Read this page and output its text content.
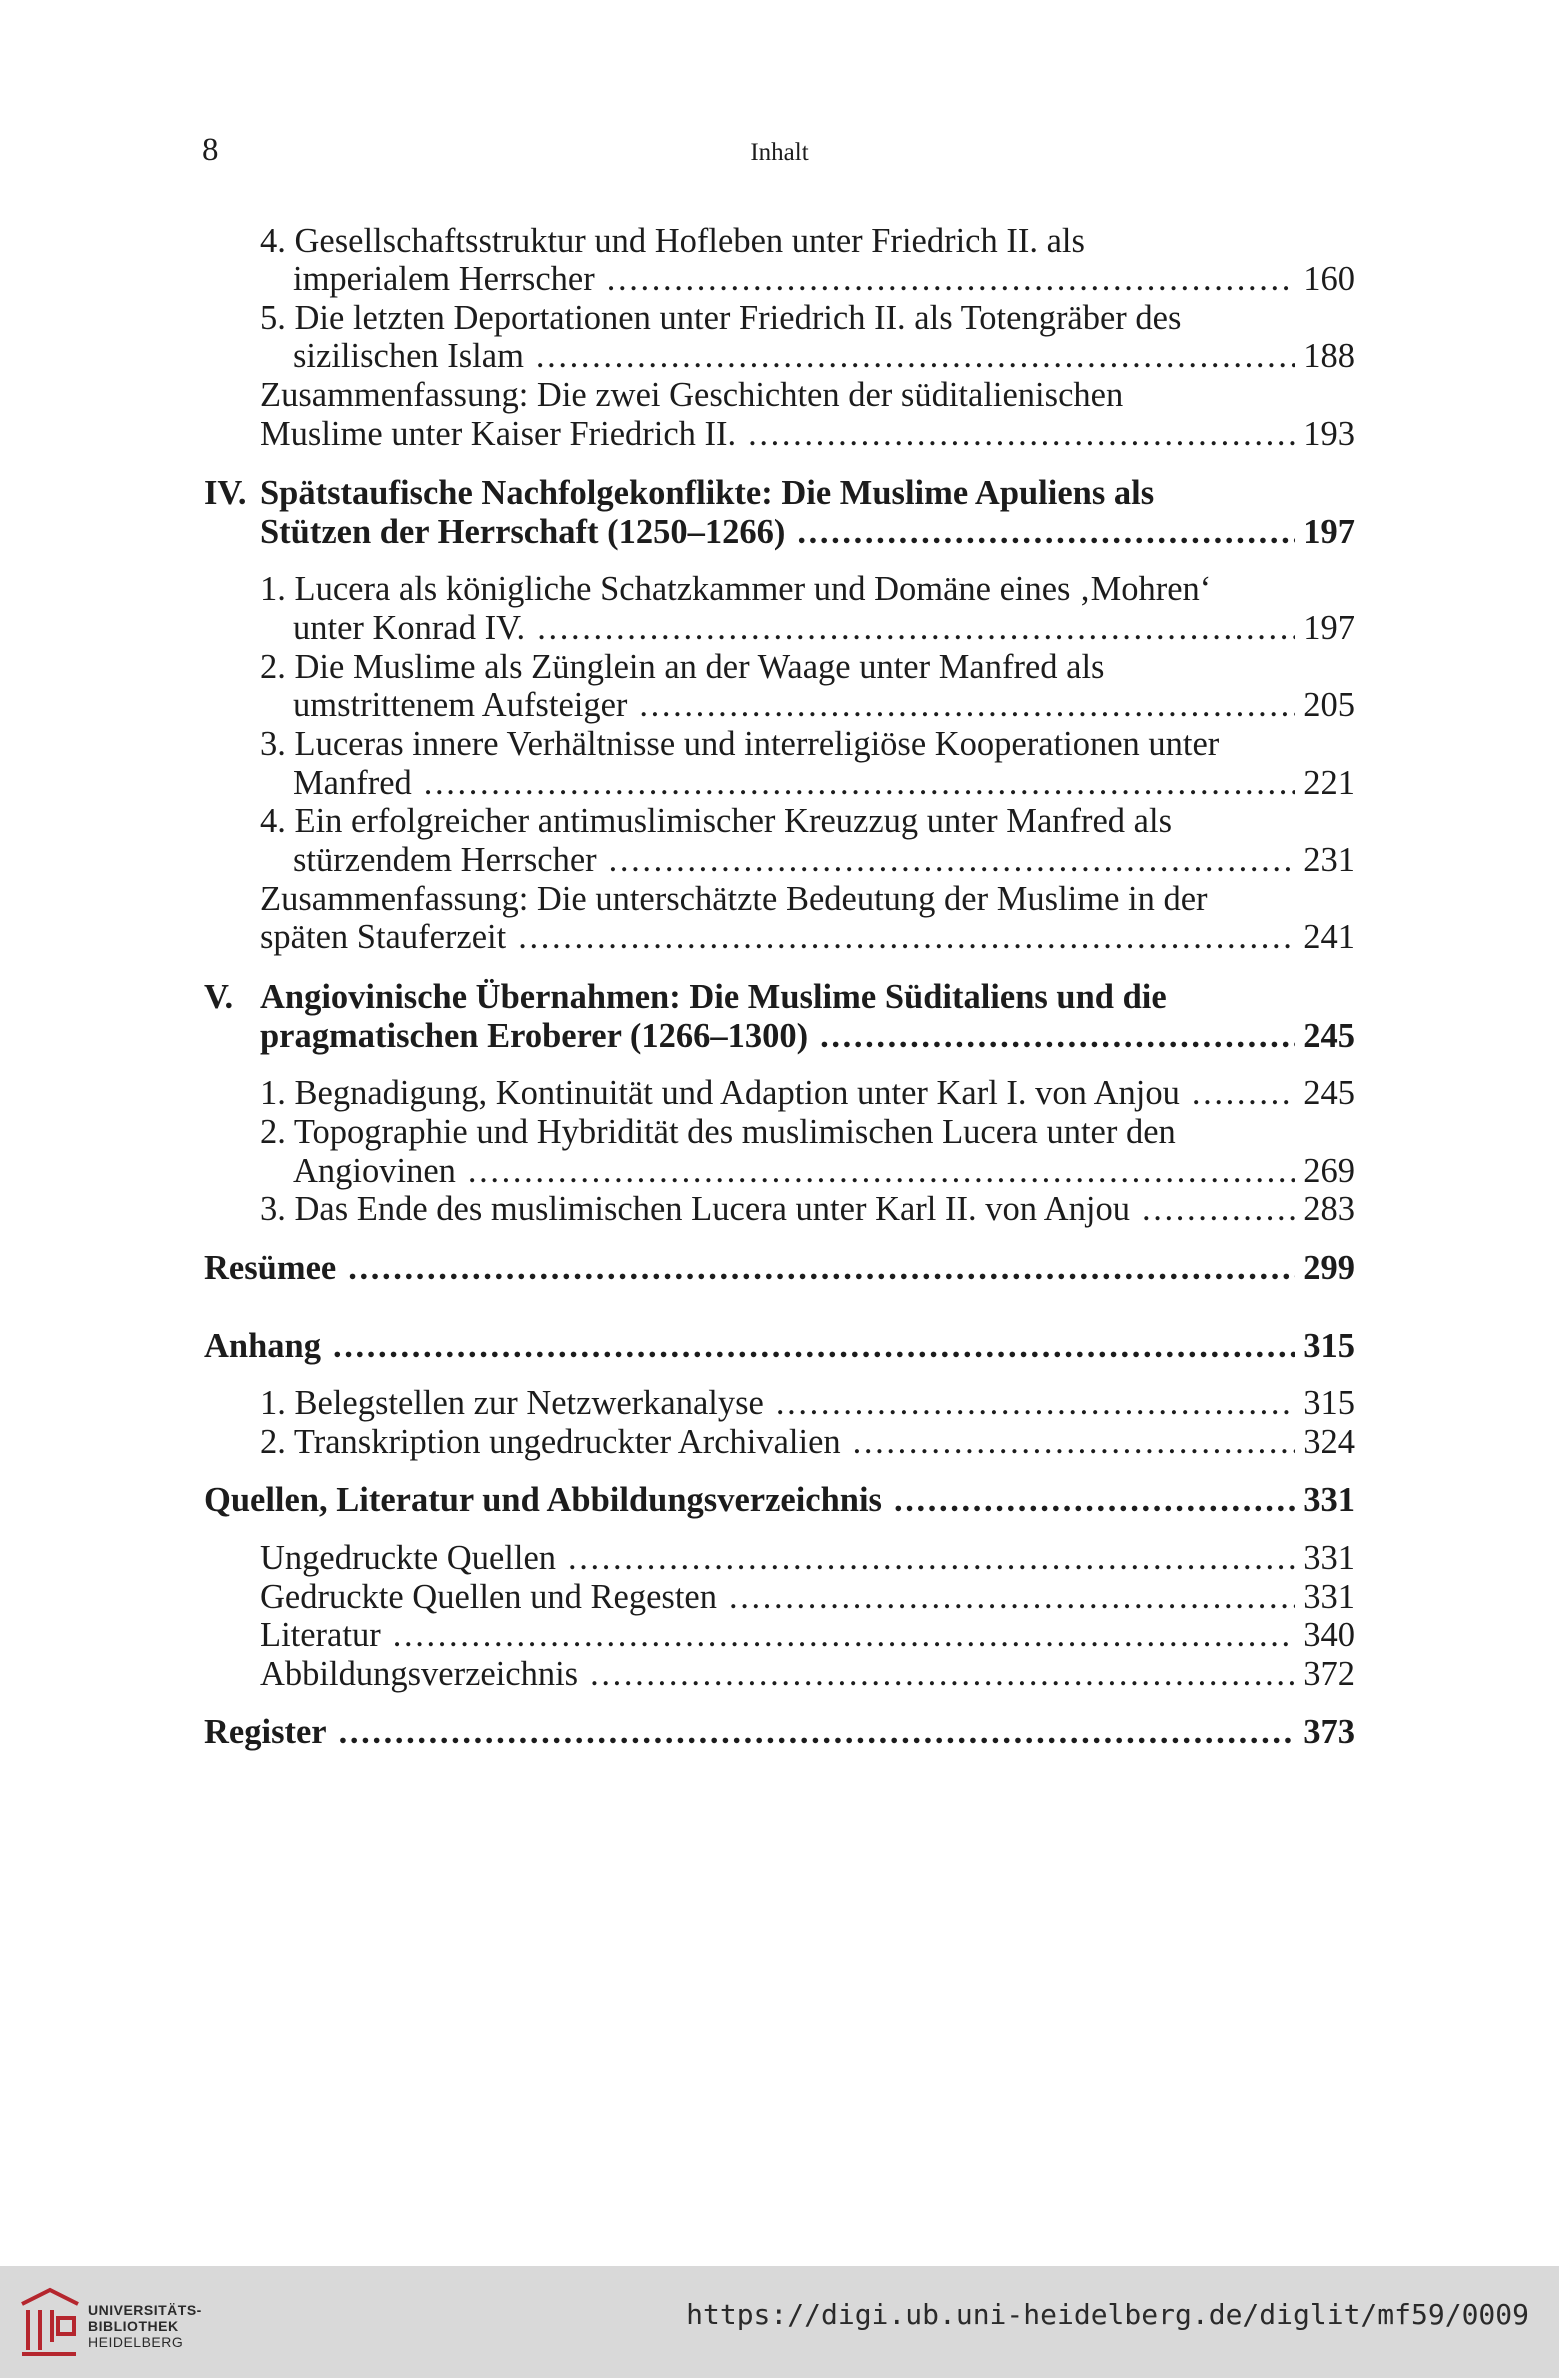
8	Inhalt
4. Gesellschaftsstruktur und Hofleben unter Friedrich II. als
imperialem Herrscher . . .	160
5. Die letzten Deportationen unter Friedrich II. als Totengräber des
sizilischen Islam . . .	188
Zusammenfassung: Die zwei Geschichten der süditalienischen
Muslime unter Kaiser Friedrich II. . . .	193
IV. Spätstaufische Nachfolgekonflikte: Die Muslime Apuliens als
Stützen der Herrschaft (1250–1266) . . .	197
1. Lucera als königliche Schatzkammer und Domäne eines ‚Mohren‘
unter Konrad IV. . . .	197
2. Die Muslime als Zünglein an der Waage unter Manfred als
umstrittenem Aufsteiger . . .	205
3. Luceras innere Verhältnisse und interreligiöse Kooperationen unter
Manfred . . .	221
4. Ein erfolgreicher antimuslimischer Kreuzzug unter Manfred als
stürzendem Herrscher . . .	231
Zusammenfassung: Die unterschätzte Bedeutung der Muslime in der
späten Stauferzeit . . .	241
V. Angiovinische Übernahmen: Die Muslime Süditaliens und die
pragmatischen Eroberer (1266–1300) . . .	245
1. Begnadigung, Kontinuität und Adaption unter Karl I. von Anjou . . .	245
2. Topographie und Hybridität des muslimischen Lucera unter den
Angiovinen . . .	269
3. Das Ende des muslimischen Lucera unter Karl II. von Anjou . . .	283
Resümee . . .	299
Anhang . . .	315
1. Belegstellen zur Netzwerkanalyse . . .	315
2. Transkription ungedruckter Archivalien . . .	324
Quellen, Literatur und Abbildungsverzeichnis . . .	331
Ungedruckte Quellen . . .	331
Gedruckte Quellen und Regesten . . .	331
Literatur . . .	340
Abbildungsverzeichnis . . .	372
Register . . .	373
UNIVERSITÄTS-
BIBLIOTHEK
HEIDELBERG
https://digi.ub.uni-heidelberg.de/diglit/mf59/0009
